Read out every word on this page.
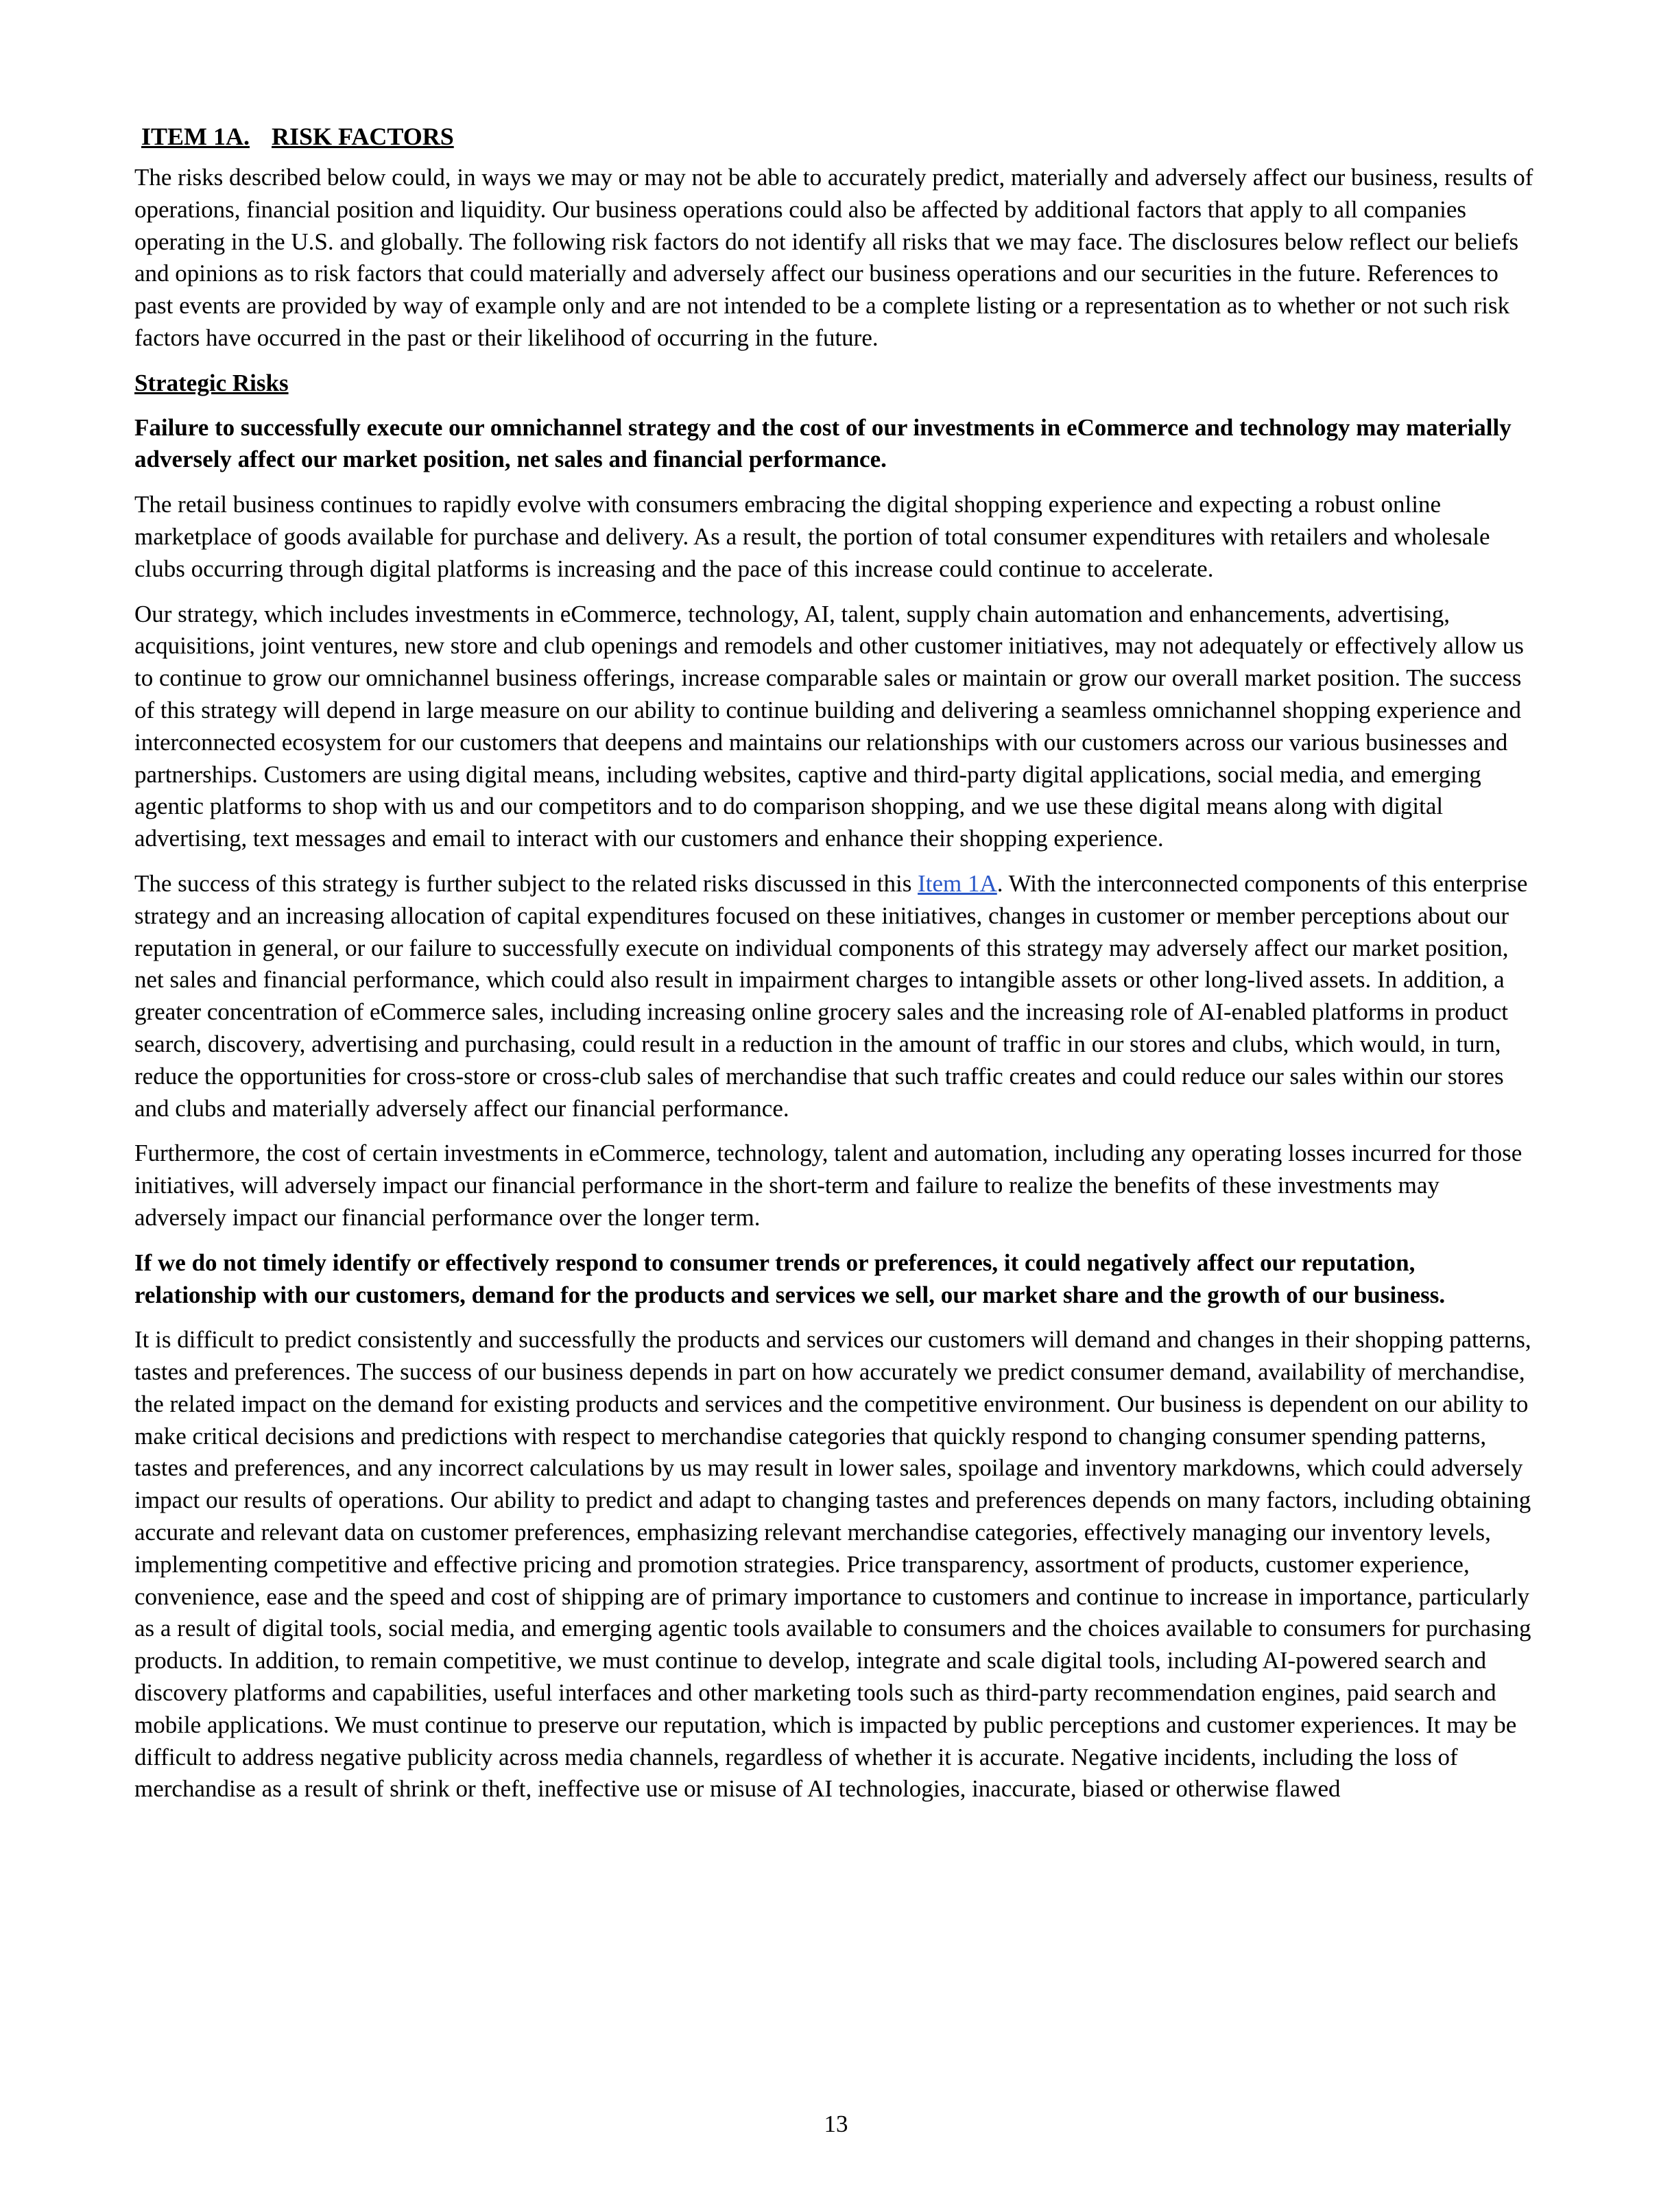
ITEM 1A. RISK FACTORS

The risks described below could, in ways we may or may not be able to accurately predict, materially and adversely affect our business, results of operations, financial position and liquidity. Our business operations could also be affected by additional factors that apply to all companies operating in the U.S. and globally. The following risk factors do not identify all risks that we may face. The disclosures below reflect our beliefs and opinions as to risk factors that could materially and adversely affect our business operations and our securities in the future. References to past events are provided by way of example only and are not intended to be a complete listing or a representation as to whether or not such risk factors have occurred in the past or their likelihood of occurring in the future.

Strategic Risks

Failure to successfully execute our omnichannel strategy and the cost of our investments in eCommerce and technology may materially adversely affect our market position, net sales and financial performance.

The retail business continues to rapidly evolve with consumers embracing the digital shopping experience and expecting a robust online marketplace of goods available for purchase and delivery. As a result, the portion of total consumer expenditures with retailers and wholesale clubs occurring through digital platforms is increasing and the pace of this increase could continue to accelerate.

Our strategy, which includes investments in eCommerce, technology, AI, talent, supply chain automation and enhancements, advertising, acquisitions, joint ventures, new store and club openings and remodels and other customer initiatives, may not adequately or effectively allow us to continue to grow our omnichannel business offerings, increase comparable sales or maintain or grow our overall market position. The success of this strategy will depend in large measure on our ability to continue building and delivering a seamless omnichannel shopping experience and interconnected ecosystem for our customers that deepens and maintains our relationships with our customers across our various businesses and partnerships. Customers are using digital means, including websites, captive and third-party digital applications, social media, and emerging agentic platforms to shop with us and our competitors and to do comparison shopping, and we use these digital means along with digital advertising, text messages and email to interact with our customers and enhance their shopping experience.

The success of this strategy is further subject to the related risks discussed in this Item 1A. With the interconnected components of this enterprise strategy and an increasing allocation of capital expenditures focused on these initiatives, changes in customer or member perceptions about our reputation in general, or our failure to successfully execute on individual components of this strategy may adversely affect our market position, net sales and financial performance, which could also result in impairment charges to intangible assets or other long-lived assets. In addition, a greater concentration of eCommerce sales, including increasing online grocery sales and the increasing role of AI-enabled platforms in product search, discovery, advertising and purchasing, could result in a reduction in the amount of traffic in our stores and clubs, which would, in turn, reduce the opportunities for cross-store or cross-club sales of merchandise that such traffic creates and could reduce our sales within our stores and clubs and materially adversely affect our financial performance.

Furthermore, the cost of certain investments in eCommerce, technology, talent and automation, including any operating losses incurred for those initiatives, will adversely impact our financial performance in the short-term and failure to realize the benefits of these investments may adversely impact our financial performance over the longer term.

If we do not timely identify or effectively respond to consumer trends or preferences, it could negatively affect our reputation, relationship with our customers, demand for the products and services we sell, our market share and the growth of our business.

It is difficult to predict consistently and successfully the products and services our customers will demand and changes in their shopping patterns, tastes and preferences. The success of our business depends in part on how accurately we predict consumer demand, availability of merchandise, the related impact on the demand for existing products and services and the competitive environment. Our business is dependent on our ability to make critical decisions and predictions with respect to merchandise categories that quickly respond to changing consumer spending patterns, tastes and preferences, and any incorrect calculations by us may result in lower sales, spoilage and inventory markdowns, which could adversely impact our results of operations. Our ability to predict and adapt to changing tastes and preferences depends on many factors, including obtaining accurate and relevant data on customer preferences, emphasizing relevant merchandise categories, effectively managing our inventory levels, implementing competitive and effective pricing and promotion strategies. Price transparency, assortment of products, customer experience, convenience, ease and the speed and cost of shipping are of primary importance to customers and continue to increase in importance, particularly as a result of digital tools, social media, and emerging agentic tools available to consumers and the choices available to consumers for purchasing products. In addition, to remain competitive, we must continue to develop, integrate and scale digital tools, including AI-powered search and discovery platforms and capabilities, useful interfaces and other marketing tools such as third-party recommendation engines, paid search and mobile applications. We must continue to preserve our reputation, which is impacted by public perceptions and customer experiences. It may be difficult to address negative publicity across media channels, regardless of whether it is accurate. Negative incidents, including the loss of merchandise as a result of shrink or theft, ineffective use or misuse of AI technologies, inaccurate, biased or otherwise flawed

13
